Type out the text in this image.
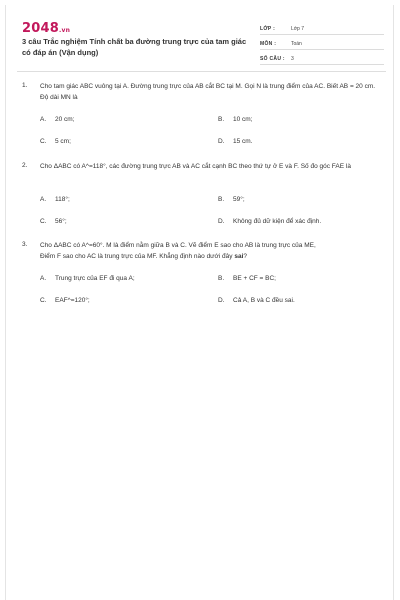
2048.vn
3 câu Trắc nghiệm Tính chất ba đường trung trực của tam giác có đáp án (Vận dụng)
LỚP :	Lớp 7
MÔN :	Toán
SỐ CÂU : 3
1. Cho tam giác ABC vuông tại A. Đường trung trực của AB cắt BC tại M. Gọi N là trung điểm của AC. Biết AB = 20 cm. Độ dài MN là
A. 20 cm;	B. 10 cm;
C. 5 cm;	D. 15 cm.
2. Cho ΔABC có A^=118°, các đường trung trực AB và AC cắt cạnh BC theo thứ tự ở E và F. Số đo góc FAE là
A. 118°;	B. 59°;
C. 56°;	D. Không đủ dữ kiện để xác định.
3. Cho ΔABC có A^=60°. M là điểm nằm giữa B và C. Vẽ điểm E sao cho AB là trung trực của ME,
Điểm F sao cho AC là trung trực của MF. Khẳng định nào dưới đây sai?
A. Trung trực của EF đi qua A;	B. BE + CF = BC;
C. EAF^=120°;	D. Cả A, B và C đều sai.
